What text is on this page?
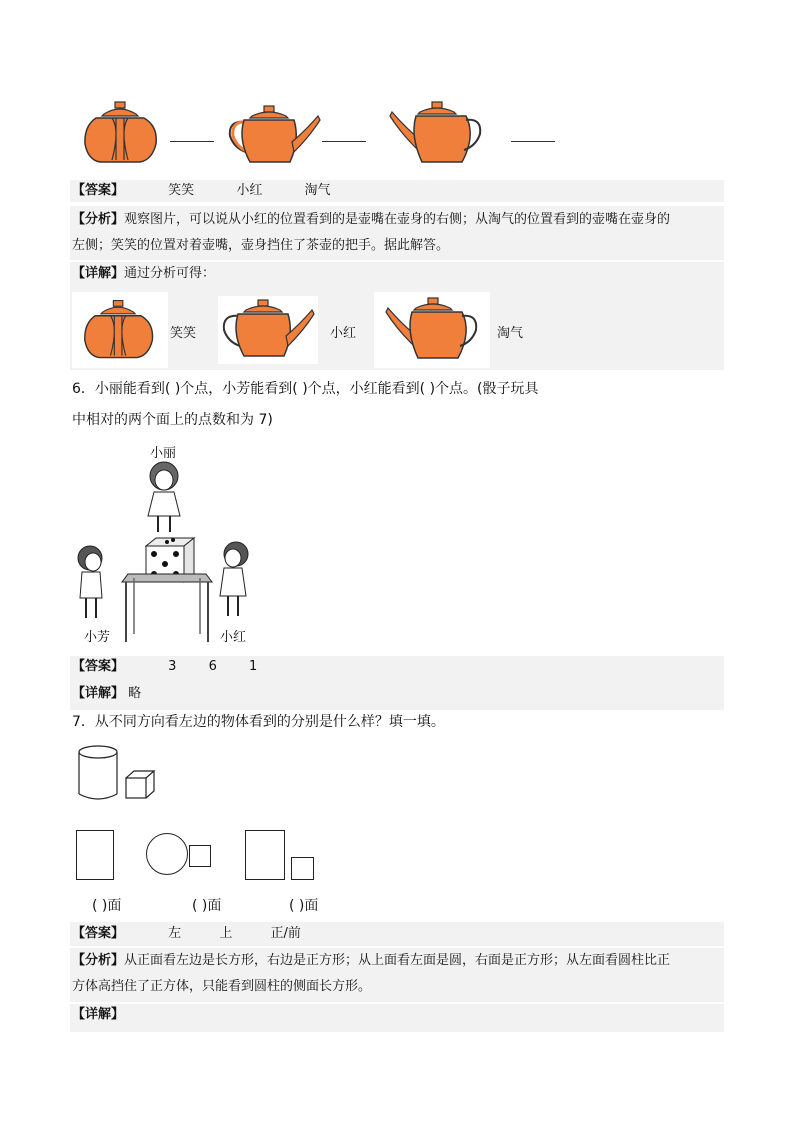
【答案】	笑笑	小红	淘气
【分析】观察图片，可以说从小红的位置看到的是壶嘴在壶身的右侧；从淘气的位置看到的壶嘴在壶身的
左侧；笑笑的位置对着壶嘴，壶身挡住了茶壶的把手。据此解答。
【详解】通过分析可得：
笑笑	小红	淘气
6．小丽能看到( )个点，小芳能看到( )个点，小红能看到( )个点。(骰子玩具
中相对的两个面上的点数和为 7)
小丽
小芳	小红
【答案】	3 6 1
【详解】 略
7．从不同方向看左边的物体看到的分别是什么样？填一填。
( )面	( )面	( )面
【答案】	左	上	正/前
【分析】从正面看左边是长方形，右边是正方形；从上面看左面是圆，右面是正方形；从左面看圆柱比正
方体高挡住了正方体，只能看到圆柱的侧面长方形。
【详解】
